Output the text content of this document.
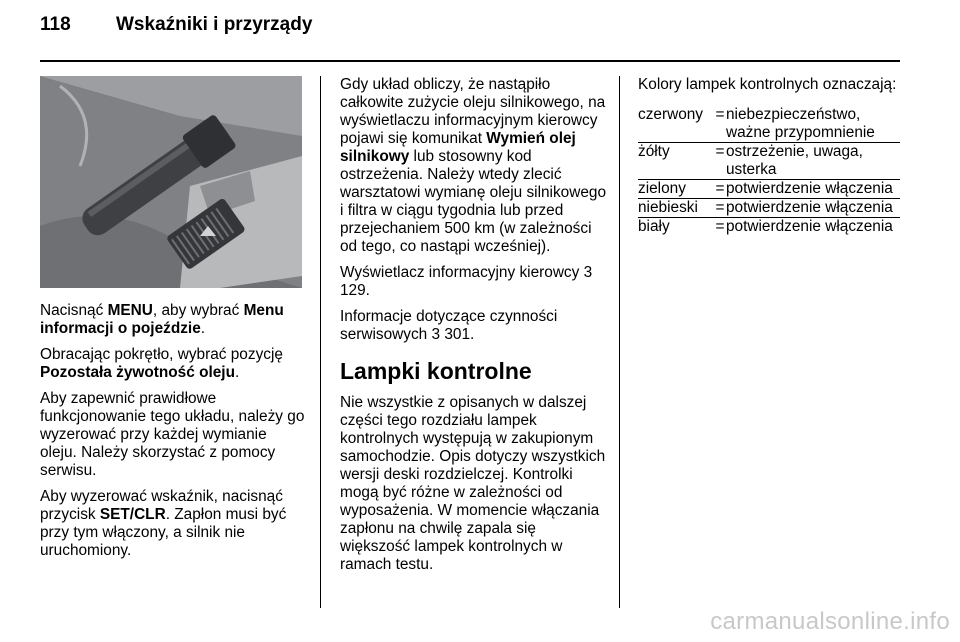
118 Wskaźniki i przyrządy

Nacisnąć MENU, aby wybrać Menu informacji o pojeździe.

Obracając pokrętło, wybrać pozycję Pozostała żywotność oleju.

Aby zapewnić prawidłowe funkcjonowanie tego układu, należy go wyzerować przy każdej wymianie oleju. Należy skorzystać z pomocy serwisu.

Aby wyzerować wskaźnik, nacisnąć przycisk SET/CLR. Zapłon musi być przy tym włączony, a silnik nie uruchomiony.

Gdy układ obliczy, że nastąpiło całkowite zużycie oleju silnikowego, na wyświetlaczu informacyjnym kierowcy pojawi się komunikat Wymień olej silnikowy lub stosowny kod ostrzeżenia. Należy wtedy zlecić warsztatowi wymianę oleju silnikowego i filtra w ciągu tygodnia lub przed przejechaniem 500 km (w zależności od tego, co nastąpi wcześniej).

Wyświetlacz informacyjny kierowcy 3 129.

Informacje dotyczące czynności serwisowych 3 301.

Lampki kontrolne

Nie wszystkie z opisanych w dalszej części tego rozdziału lampek kontrolnych występują w zakupionym samochodzie. Opis dotyczy wszystkich wersji deski rozdzielczej. Kontrolki mogą być różne w zależności od wyposażenia. W momencie włączania zapłonu na chwilę zapala się większość lampek kontrolnych w ramach testu.

Kolory lampek kontrolnych oznaczają:

czerwony	=	niebezpieczeństwo, ważne przypomnienie
żółty	=	ostrzeżenie, uwaga, usterka
zielony	=	potwierdzenie włączenia
niebieski	=	potwierdzenie włączenia
biały	=	potwierdzenie włączenia
carmanualsonline.info
